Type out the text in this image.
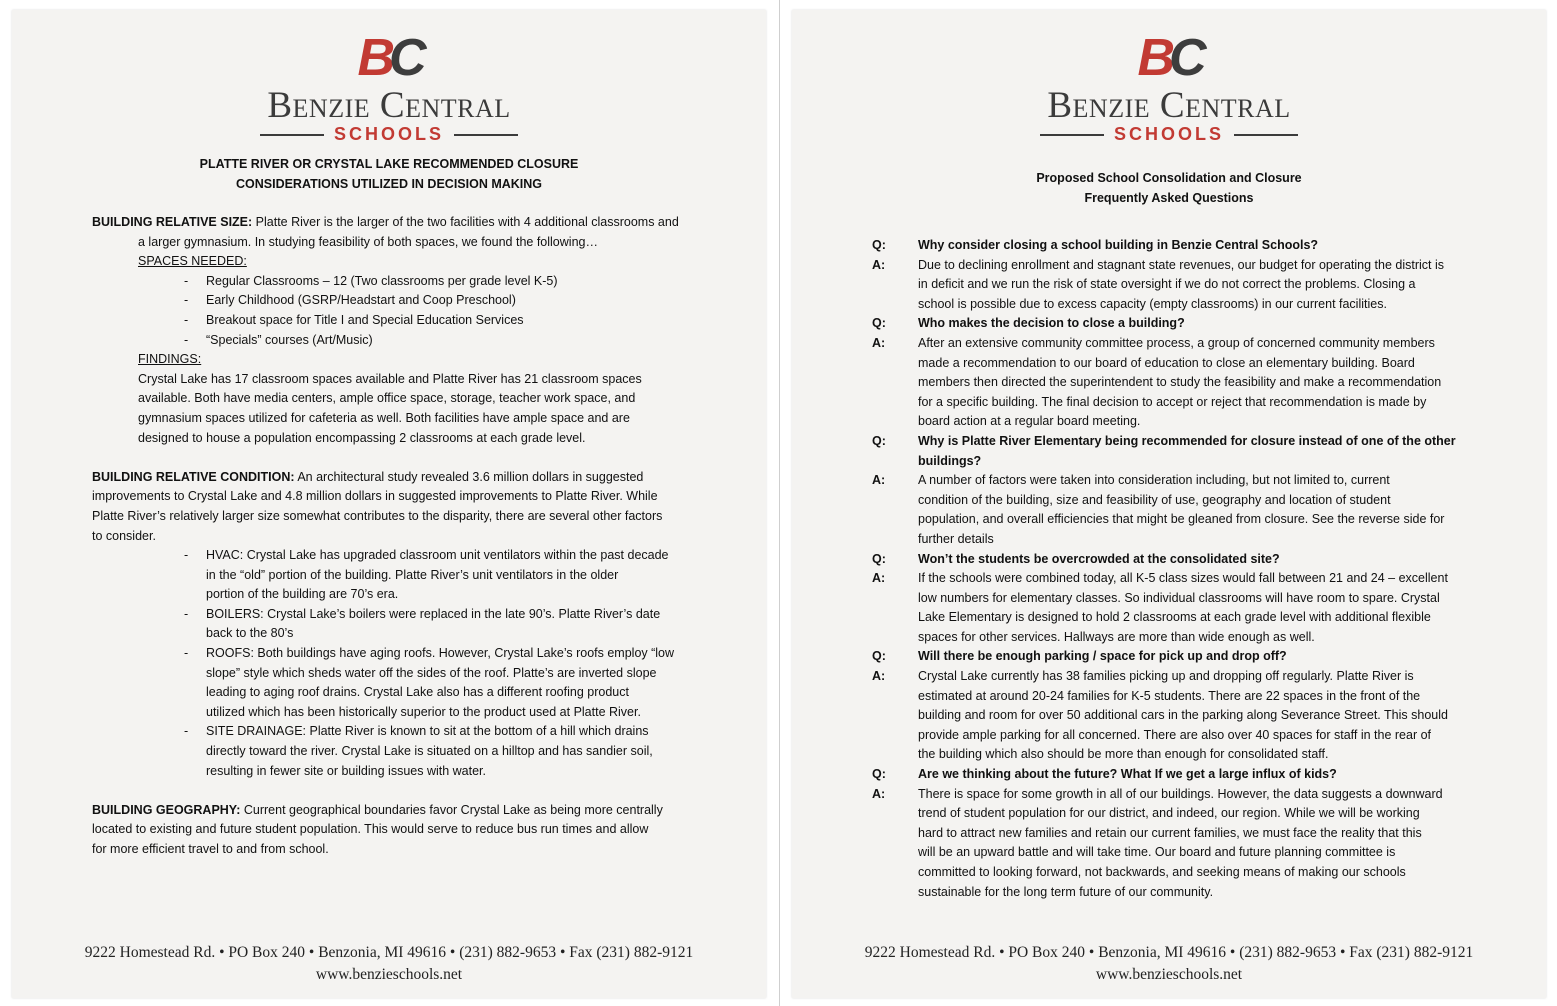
BC
Benzie Central
SCHOOLS
PLATTE RIVER OR CRYSTAL LAKE RECOMMENDED CLOSURE
CONSIDERATIONS UTILIZED IN DECISION MAKING
BUILDING RELATIVE SIZE: Platte River is the larger of the two facilities with 4 additional classrooms and
a larger gymnasium. In studying feasibility of both spaces, we found the following…
SPACES NEEDED:
- Regular Classrooms – 12 (Two classrooms per grade level K-5)
- Early Childhood (GSRP/Headstart and Coop Preschool)
- Breakout space for Title I and Special Education Services
- “Specials” courses (Art/Music)
FINDINGS:
Crystal Lake has 17 classroom spaces available and Platte River has 21 classroom spaces
available. Both have media centers, ample office space, storage, teacher work space, and
gymnasium spaces utilized for cafeteria as well. Both facilities have ample space and are
designed to house a population encompassing 2 classrooms at each grade level.
BUILDING RELATIVE CONDITION: An architectural study revealed 3.6 million dollars in suggested
improvements to Crystal Lake and 4.8 million dollars in suggested improvements to Platte River. While
Platte River’s relatively larger size somewhat contributes to the disparity, there are several other factors
to consider.
- HVAC: Crystal Lake has upgraded classroom unit ventilators within the past decade
in the “old” portion of the building. Platte River’s unit ventilators in the older
portion of the building are 70’s era.
- BOILERS: Crystal Lake’s boilers were replaced in the late 90’s. Platte River’s date
back to the 80’s
- ROOFS: Both buildings have aging roofs. However, Crystal Lake’s roofs employ “low
slope” style which sheds water off the sides of the roof. Platte’s are inverted slope
leading to aging roof drains. Crystal Lake also has a different roofing product
utilized which has been historically superior to the product used at Platte River.
- SITE DRAINAGE: Platte River is known to sit at the bottom of a hill which drains
directly toward the river. Crystal Lake is situated on a hilltop and has sandier soil,
resulting in fewer site or building issues with water.
BUILDING GEOGRAPHY: Current geographical boundaries favor Crystal Lake as being more centrally
located to existing and future student population. This would serve to reduce bus run times and allow
for more efficient travel to and from school.
9222 Homestead Rd. • PO Box 240 • Benzonia, MI 49616 • (231) 882-9653 • Fax (231) 882-9121
www.benzieschools.net
BC
Benzie Central
SCHOOLS
Proposed School Consolidation and Closure
Frequently Asked Questions
Q:	Why consider closing a school building in Benzie Central Schools?
A:	Due to declining enrollment and stagnant state revenues, our budget for operating the district is
in deficit and we run the risk of state oversight if we do not correct the problems. Closing a
school is possible due to excess capacity (empty classrooms) in our current facilities.
Q:	Who makes the decision to close a building?
A:	After an extensive community committee process, a group of concerned community members
made a recommendation to our board of education to close an elementary building. Board
members then directed the superintendent to study the feasibility and make a recommendation
for a specific building. The final decision to accept or reject that recommendation is made by
board action at a regular board meeting.
Q:	Why is Platte River Elementary being recommended for closure instead of one of the other
buildings?
A:	A number of factors were taken into consideration including, but not limited to, current
condition of the building, size and feasibility of use, geography and location of student
population, and overall efficiencies that might be gleaned from closure. See the reverse side for
further details
Q:	Won’t the students be overcrowded at the consolidated site?
A:	If the schools were combined today, all K-5 class sizes would fall between 21 and 24 – excellent
low numbers for elementary classes. So individual classrooms will have room to spare. Crystal
Lake Elementary is designed to hold 2 classrooms at each grade level with additional flexible
spaces for other services. Hallways are more than wide enough as well.
Q:	Will there be enough parking / space for pick up and drop off?
A:	Crystal Lake currently has 38 families picking up and dropping off regularly. Platte River is
estimated at around 20-24 families for K-5 students. There are 22 spaces in the front of the
building and room for over 50 additional cars in the parking along Severance Street. This should
provide ample parking for all concerned. There are also over 40 spaces for staff in the rear of
the building which also should be more than enough for consolidated staff.
Q:	Are we thinking about the future? What If we get a large influx of kids?
A:	There is space for some growth in all of our buildings. However, the data suggests a downward
trend of student population for our district, and indeed, our region. While we will be working
hard to attract new families and retain our current families, we must face the reality that this
will be an upward battle and will take time. Our board and future planning committee is
committed to looking forward, not backwards, and seeking means of making our schools
sustainable for the long term future of our community.
9222 Homestead Rd. • PO Box 240 • Benzonia, MI 49616 • (231) 882-9653 • Fax (231) 882-9121
www.benzieschools.net
